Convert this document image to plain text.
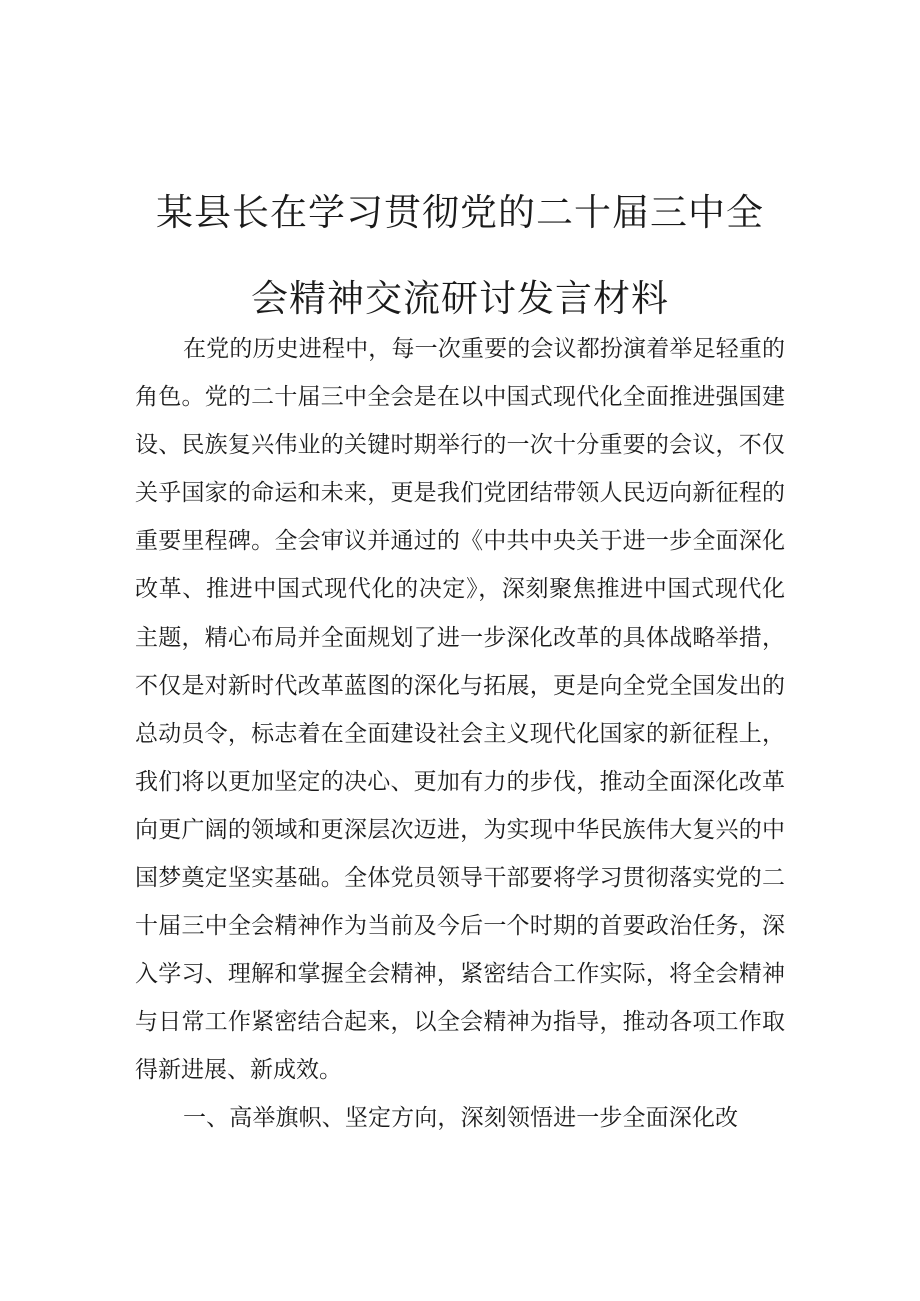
某县长在学习贯彻党的二十届三中全
会精神交流研讨发言材料
在党的历史进程中，每一次重要的会议都扮演着举足轻重的
角色。党的二十届三中全会是在以中国式现代化全面推进强国建
设、民族复兴伟业的关键时期举行的一次十分重要的会议，不仅
关乎国家的命运和未来，更是我们党团结带领人民迈向新征程的
重要里程碑。全会审议并通过的《中共中央关于进一步全面深化
改革、推进中国式现代化的决定》，深刻聚焦推进中国式现代化
主题，精心布局并全面规划了进一步深化改革的具体战略举措，
不仅是对新时代改革蓝图的深化与拓展，更是向全党全国发出的
总动员令，标志着在全面建设社会主义现代化国家的新征程上，
我们将以更加坚定的决心、更加有力的步伐，推动全面深化改革
向更广阔的领域和更深层次迈进，为实现中华民族伟大复兴的中
国梦奠定坚实基础。全体党员领导干部要将学习贯彻落实党的二
十届三中全会精神作为当前及今后一个时期的首要政治任务，深
入学习、理解和掌握全会精神，紧密结合工作实际，将全会精神
与日常工作紧密结合起来，以全会精神为指导，推动各项工作取
得新进展、新成效。
一、高举旗帜、坚定方向，深刻领悟进一步全面深化改
